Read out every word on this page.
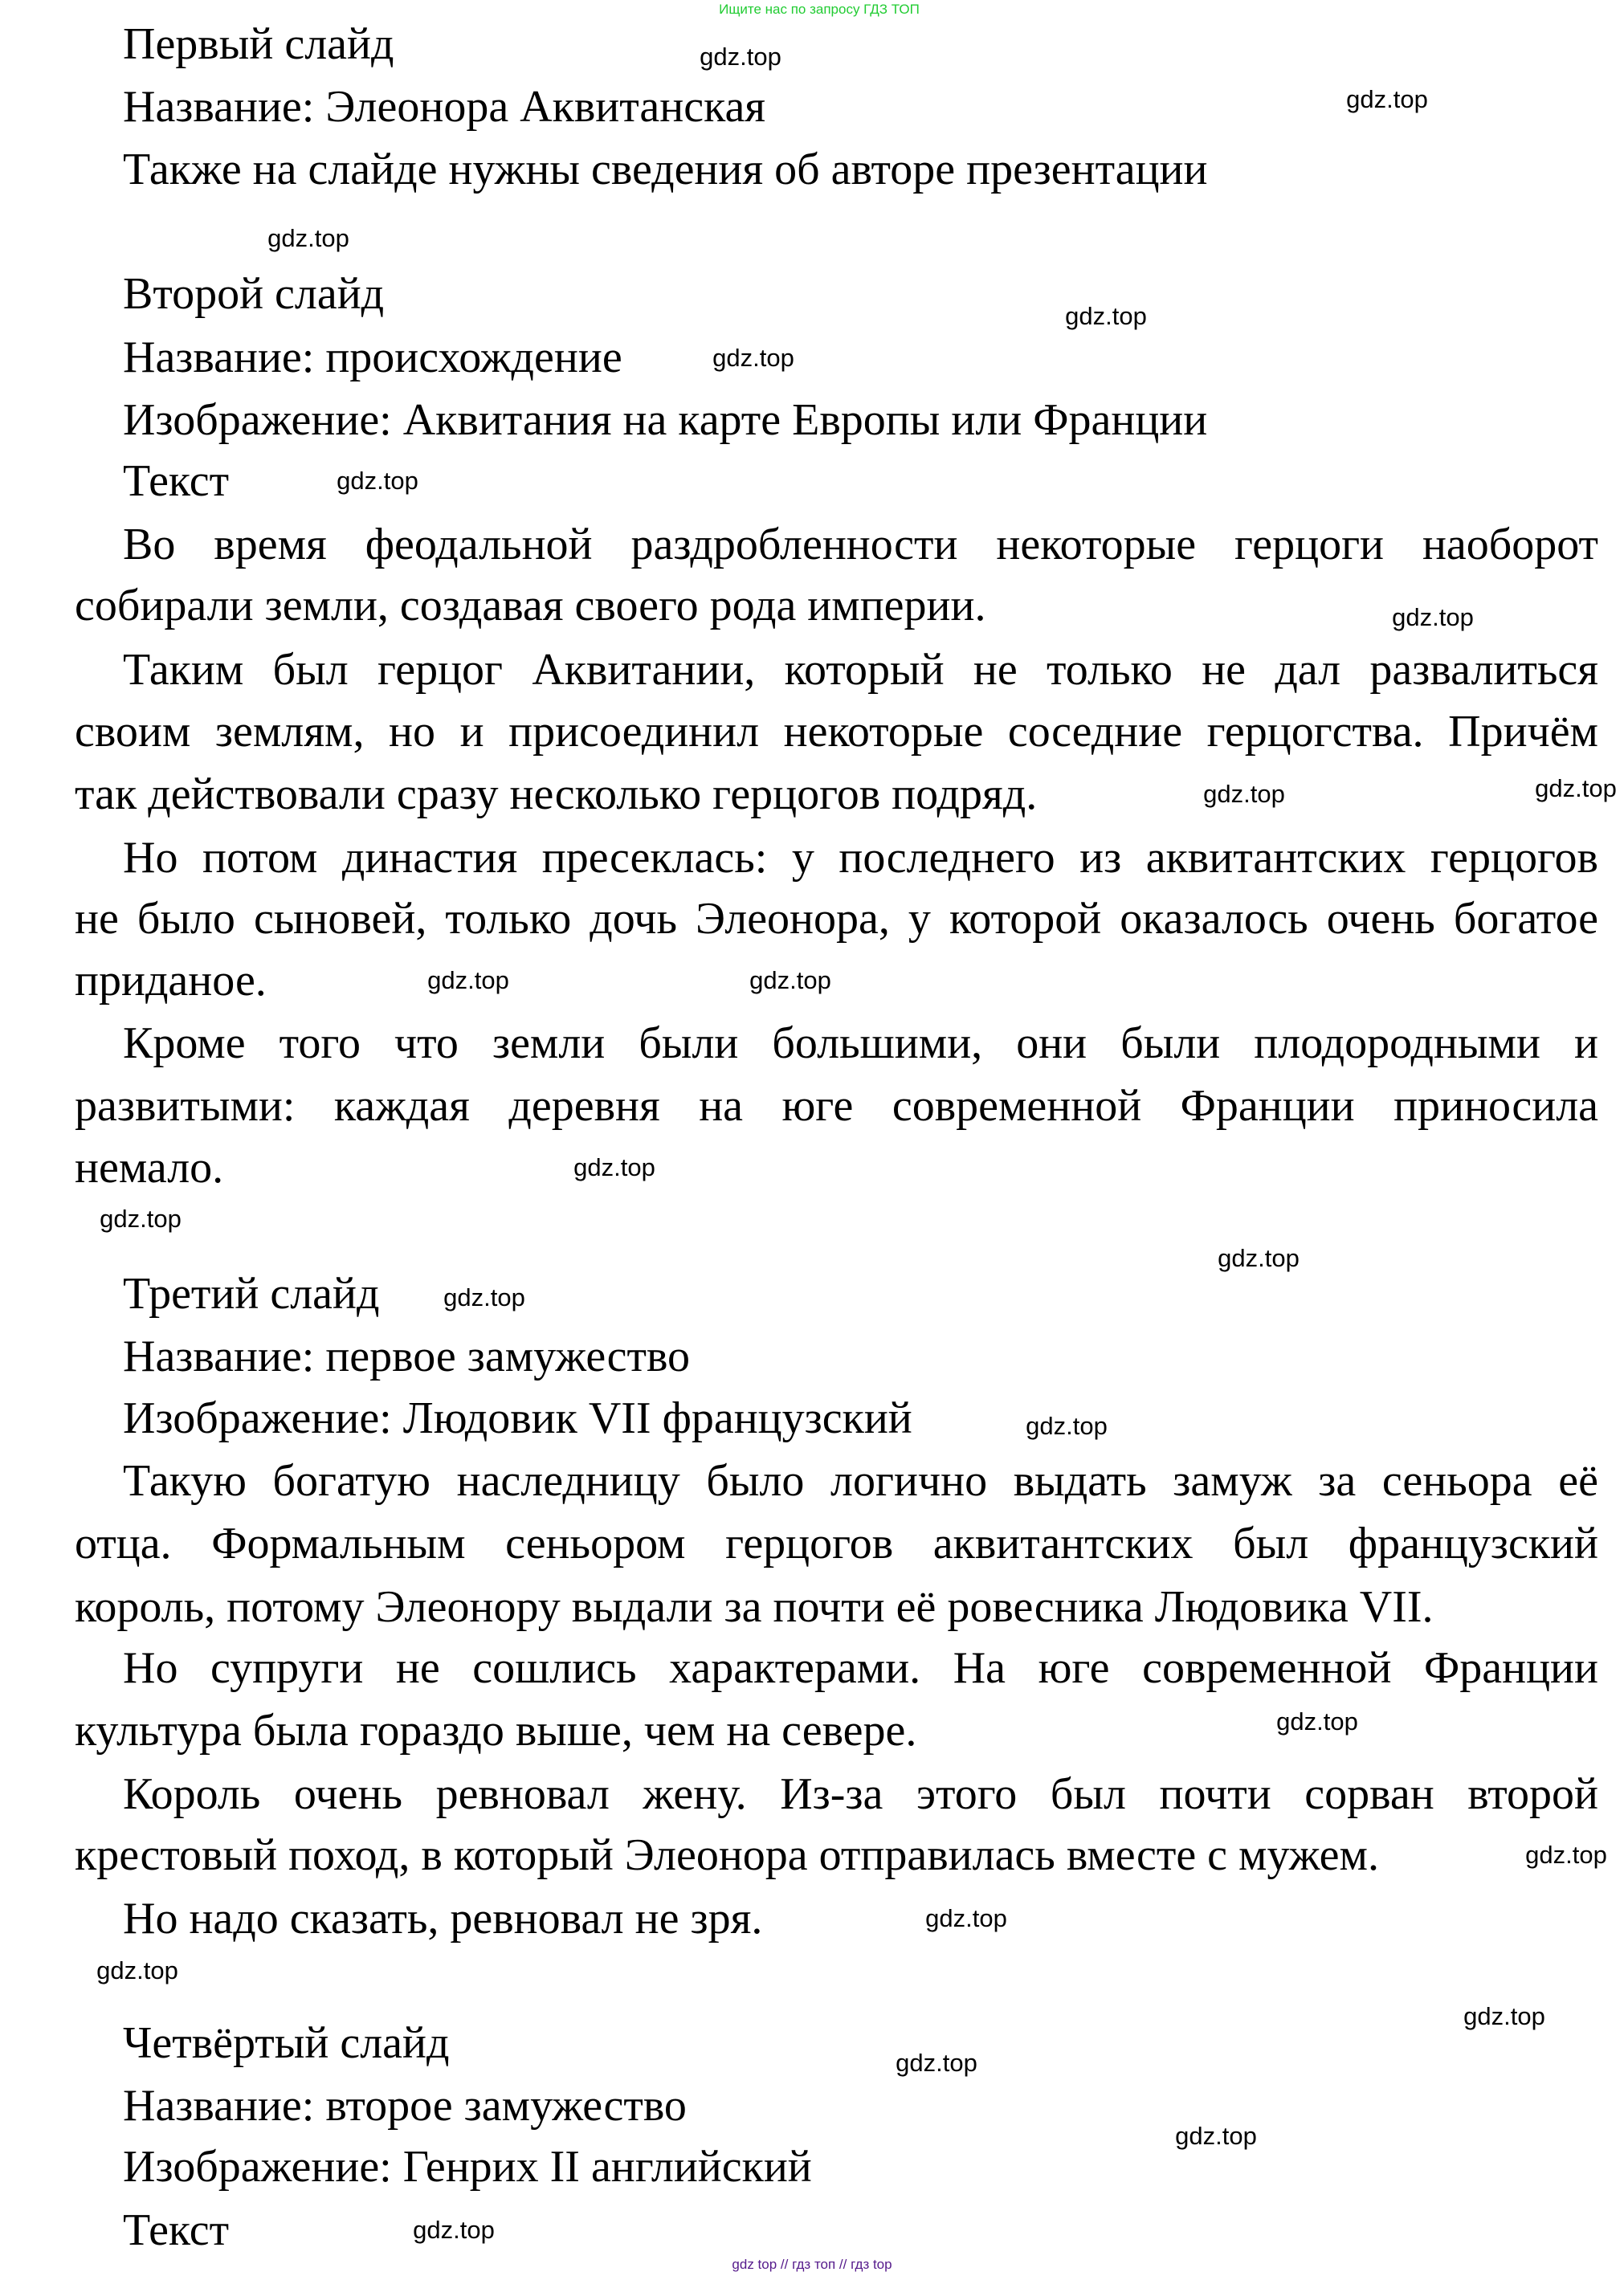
Ищите нас по запросу ГДЗ ТОП
Первый слайд
Название: Элеонора Аквитанская
Также на слайде нужны сведения об авторе презентации
Второй слайд
Название: происхождение
Изображение: Аквитания на карте Европы или Франции
Текст
Во время феодальной раздробленности некоторые герцоги наоборот
собирали земли, создавая своего рода империи.
Таким был герцог Аквитании, который не только не дал развалиться
своим землям, но и присоединил некоторые соседние герцогства. Причём
так действовали сразу несколько герцогов подряд.
Но потом династия пресеклась: у последнего из аквитантских герцогов
не было сыновей, только дочь Элеонора, у которой оказалось очень богатое
приданое.
Кроме того что земли были большими, они были плодородными и
развитыми: каждая деревня на юге современной Франции приносила
немало.
Третий слайд
Название: первое замужество
Изображение: Людовик VII французский
Такую богатую наследницу было логично выдать замуж за сеньора её
отца. Формальным сеньором герцогов аквитантских был французский
король, потому Элеонору выдали за почти её ровесника Людовика VII.
Но супруги не сошлись характерами. На юге современной Франции
культура была гораздо выше, чем на севере.
Король очень ревновал жену. Из-за этого был почти сорван второй
крестовый поход, в который Элеонора отправилась вместе с мужем.
Но надо сказать, ревновал не зря.
Четвёртый слайд
Название: второе замужество
Изображение: Генрих II английский
Текст
gdz.top
gdz.top
gdz.top
gdz.top
gdz.top
gdz.top
gdz.top
gdz.top	gdz.top
gdz.top	gdz.top
gdz.top
gdz.top
gdz.top
gdz.top
gdz.top
gdz.top
gdz.top
gdz.top
gdz.top
gdz.top
gdz.top
gdz.top
gdz.top
gdz top // гдз топ // гдз top
